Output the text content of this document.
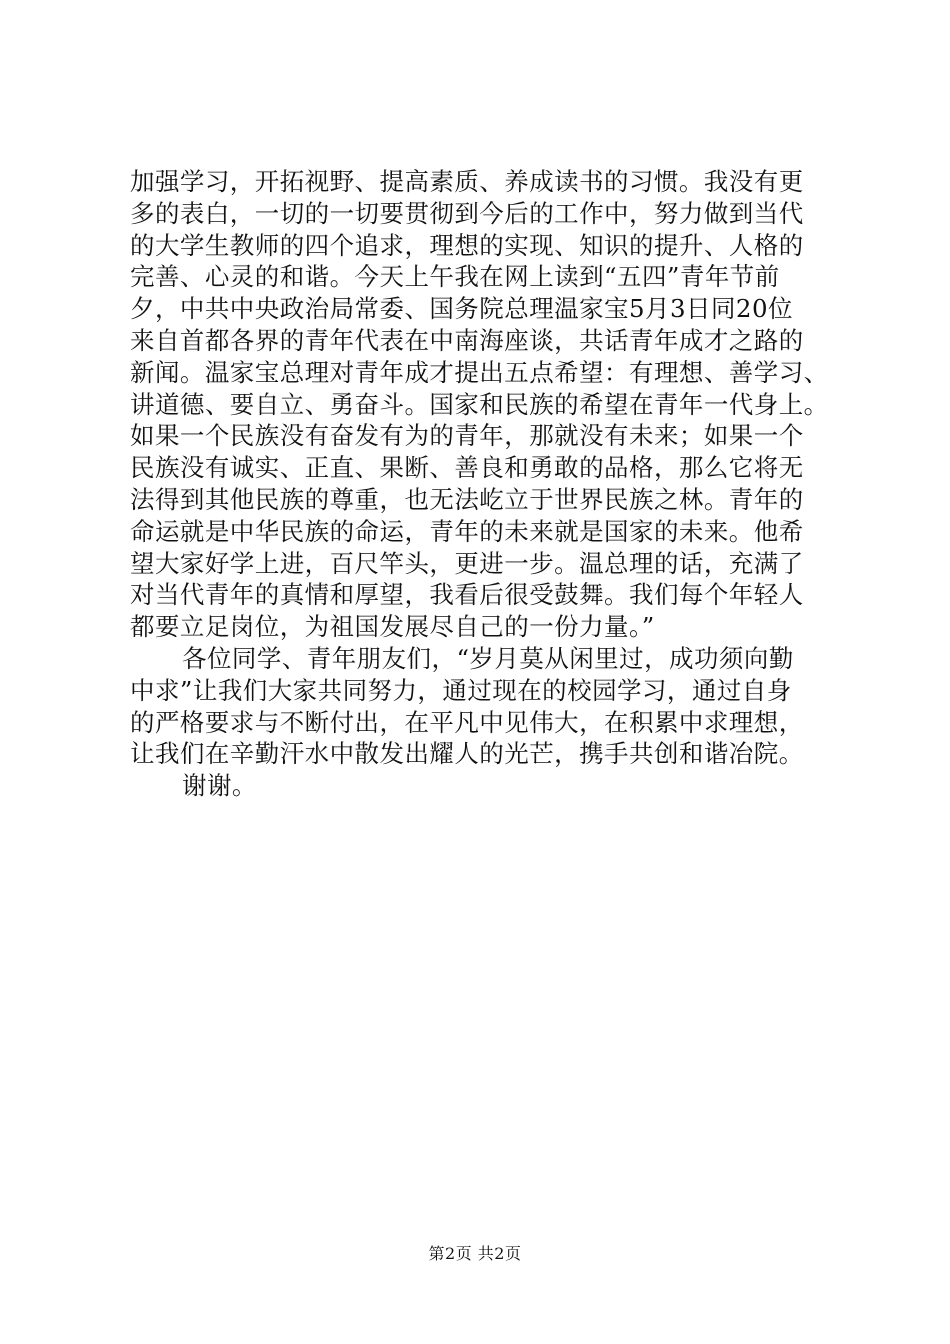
加强学习，开拓视野、提高素质、养成读书的习惯。我没有更
多的表白，一切的一切要贯彻到今后的工作中，努力做到当代
的大学生教师的四个追求，理想的实现、知识的提升、人格的
完善、心灵的和谐。今天上午我在网上读到“五四”青年节前
夕，中共中央政治局常委、国务院总理温家宝5月3日同20位
来自首都各界的青年代表在中南海座谈，共话青年成才之路的
新闻。温家宝总理对青年成才提出五点希望：有理想、善学习、
讲道德、要自立、勇奋斗。国家和民族的希望在青年一代身上。
如果一个民族没有奋发有为的青年，那就没有未来；如果一个
民族没有诚实、正直、果断、善良和勇敢的品格，那么它将无
法得到其他民族的尊重，也无法屹立于世界民族之林。青年的
命运就是中华民族的命运，青年的未来就是国家的未来。他希
望大家好学上进，百尺竿头，更进一步。温总理的话，充满了
对当代青年的真情和厚望，我看后很受鼓舞。我们每个年轻人
都要立足岗位，为祖国发展尽自己的一份力量。”
各位同学、青年朋友们，“岁月莫从闲里过，成功须向勤
中求”让我们大家共同努力，通过现在的校园学习，通过自身
的严格要求与不断付出，在平凡中见伟大，在积累中求理想，
让我们在辛勤汗水中散发出耀人的光芒，携手共创和谐冶院。
谢谢。
第2页 共2页
